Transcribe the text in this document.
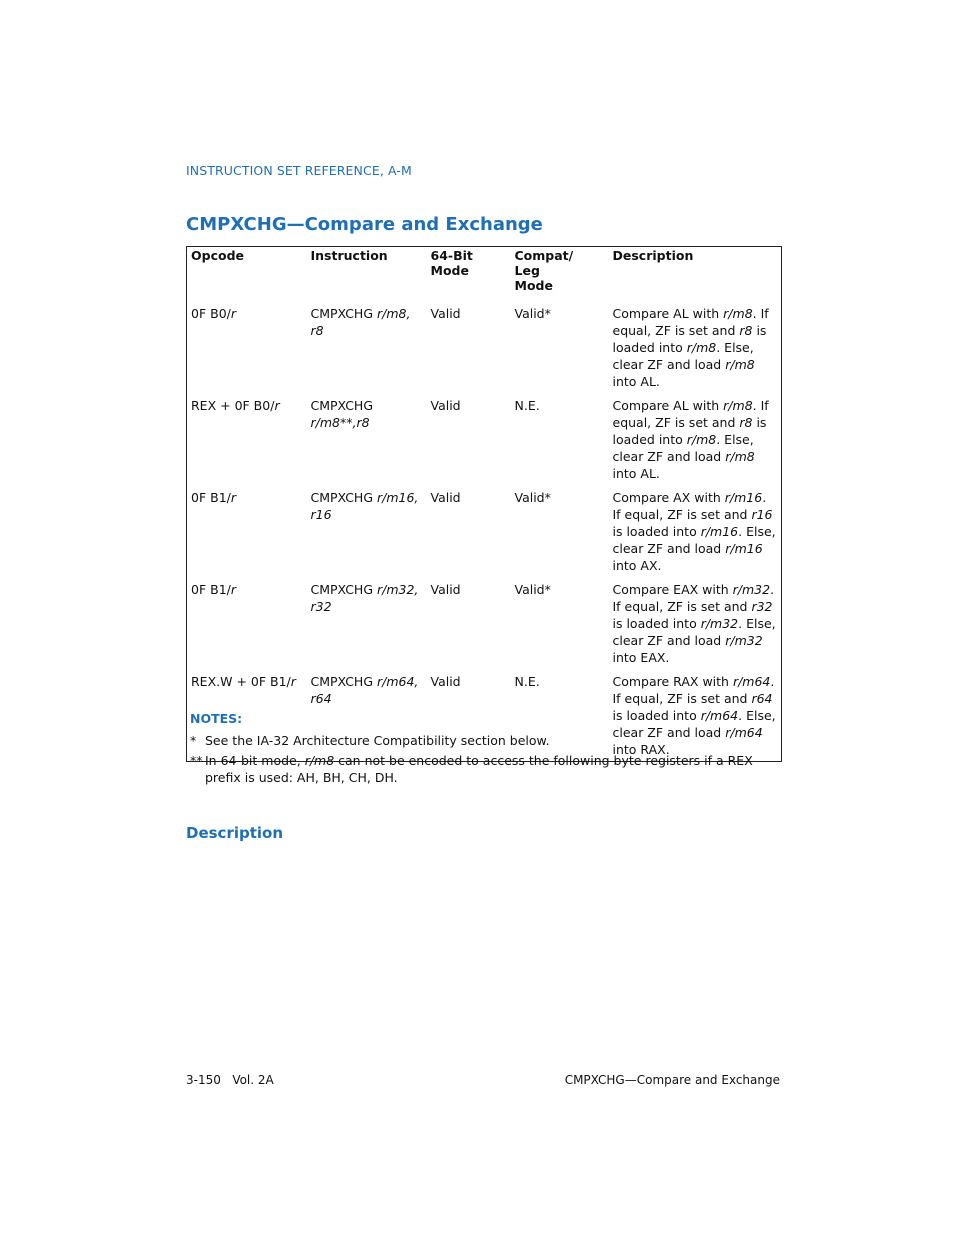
INSTRUCTION SET REFERENCE, A-M
CMPXCHG—Compare and Exchange
Opcode	Instruction	64-Bit Mode	Compat/ Leg Mode	Description
0F B0/r	CMPXCHG r/m8, r8	Valid	Valid*	Compare AL with r/m8. If equal, ZF is set and r8 is loaded into r/m8. Else, clear ZF and load r/m8 into AL.
REX + 0F B0/r	CMPXCHG r/m8**,r8	Valid	N.E.	Compare AL with r/m8. If equal, ZF is set and r8 is loaded into r/m8. Else, clear ZF and load r/m8 into AL.
0F B1/r	CMPXCHG r/m16, r16	Valid	Valid*	Compare AX with r/m16. If equal, ZF is set and r16 is loaded into r/m16. Else, clear ZF and load r/m16 into AX.
0F B1/r	CMPXCHG r/m32, r32	Valid	Valid*	Compare EAX with r/m32. If equal, ZF is set and r32 is loaded into r/m32. Else, clear ZF and load r/m32 into EAX.
REX.W + 0F B1/r	CMPXCHG r/m64, r64	Valid	N.E.	Compare RAX with r/m64. If equal, ZF is set and r64 is loaded into r/m64. Else, clear ZF and load r/m64 into RAX.
NOTES:
* See the IA-32 Architecture Compatibility section below.
** In 64-bit mode, r/m8 can not be encoded to access the following byte registers if a REX prefix is used: AH, BH, CH, DH.
Description
3-150   Vol. 2A	CMPXCHG—Compare and Exchange
